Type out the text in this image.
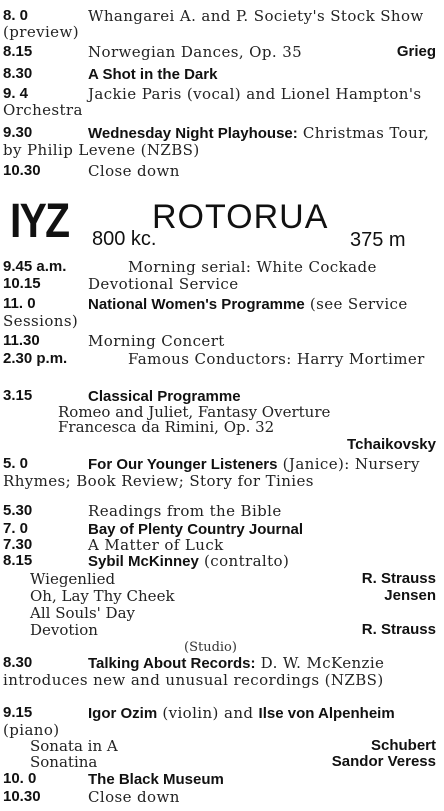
8. 0	Whangarei A. and P. Society's Stock Show (preview)
8.15	Norwegian Dances, Op. 35	Grieg
8.30	A Shot in the Dark
9. 4	Jackie Paris (vocal) and Lionel Hampton's Orchestra
9.30	Wednesday Night Playhouse: Christmas Tour, by Philip Levene (NZBS)
10.30	Close down
IYZ 800 kc.
ROTORUA
375 m
9.45 a.m.	Morning serial: White Cockade
10.15	Devotional Service
11. 0	National Women's Programme (see Service Sessions)
11.30	Morning Concert
2.30 p.m.	Famous Conductors: Harry Mortimer
3.15	Classical Programme
Romeo and Juliet, Fantasy Overture
Francesca da Rimini, Op. 32
Tchaikovsky
5. 0	For Our Younger Listeners (Janice): Nursery Rhymes; Book Review; Story for Tinies
5.30	Readings from the Bible
7. 0	Bay of Plenty Country Journal
7.30	A Matter of Luck
8.15	Sybil McKinney (contralto)
Wiegenlied	R. Strauss
Oh, Lay Thy Cheek	Jensen
All Souls' Day
Devotion	R. Strauss
(Studio)
8.30	Talking About Records: D. W. McKenzie introduces new and unusual recordings (NZBS)
9.15	Igor Ozim (violin) and Ilse von Alpenheim (piano)
Sonata in A	Schubert
Sonatina	Sandor Veress
10. 0	The Black Museum
10.30	Close down
